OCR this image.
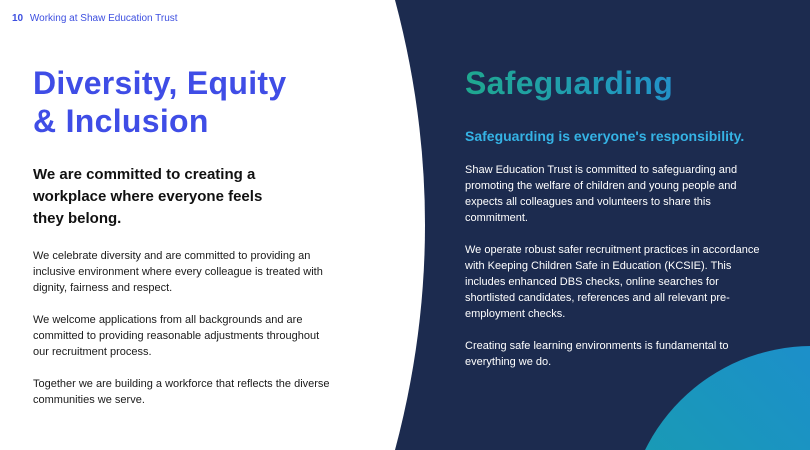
10 Working at Shaw Education Trust
Diversity, Equity
& Inclusion

We are committed to creating a workplace where everyone feels they belong.

We celebrate diversity and are committed to providing an inclusive environment where every colleague is treated with dignity, fairness and respect.

We welcome applications from all backgrounds and are committed to providing reasonable adjustments throughout our recruitment process.

Together we are building a workforce that reflects the diverse communities we serve.

Safeguarding

Safeguarding is everyone's responsibility.

Shaw Education Trust is committed to safeguarding and promoting the welfare of children and young people and expects all colleagues and volunteers to share this commitment.

We operate robust safer recruitment practices in accordance with Keeping Children Safe in Education (KCSIE). This includes enhanced DBS checks, online searches for shortlisted candidates, references and all relevant pre-employment checks.

Creating safe learning environments is fundamental to everything we do.
